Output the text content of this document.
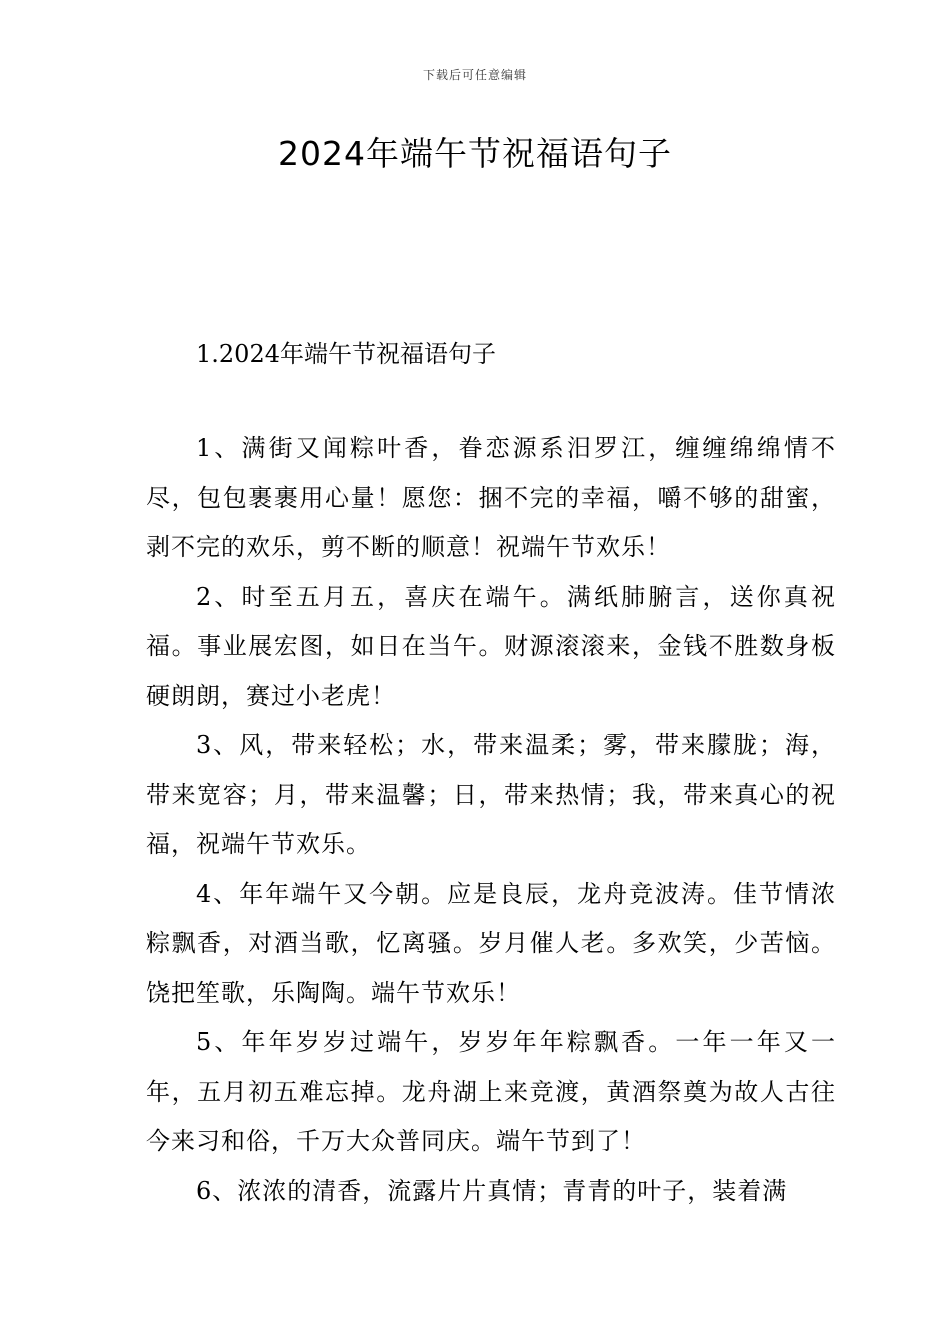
下载后可任意编辑
2024年端午节祝福语句子
1.2024年端午节祝福语句子

1、满街又闻粽叶香，眷恋源系汨罗江，缠缠绵绵情不尽，包包裹裹用心量！愿您：捆不完的幸福，嚼不够的甜蜜，剥不完的欢乐，剪不断的顺意！祝端午节欢乐！

2、时至五月五，喜庆在端午。满纸肺腑言，送你真祝福。事业展宏图，如日在当午。财源滚滚来，金钱不胜数身板硬朗朗，赛过小老虎！

3、风，带来轻松；水，带来温柔；雾，带来朦胧；海，带来宽容；月，带来温馨；日，带来热情；我，带来真心的祝福，祝端午节欢乐。

4、年年端午又今朝。应是良辰，龙舟竞波涛。佳节情浓粽飘香，对酒当歌，忆离骚。岁月催人老。多欢笑，少苦恼。饶把笙歌，乐陶陶。端午节欢乐！

5、年年岁岁过端午，岁岁年年粽飘香。一年一年又一年，五月初五难忘掉。龙舟湖上来竞渡，黄酒祭奠为故人古往今来习和俗，千万大众普同庆。端午节到了！

6、浓浓的清香，流露片片真情；青青的叶子，装着满
